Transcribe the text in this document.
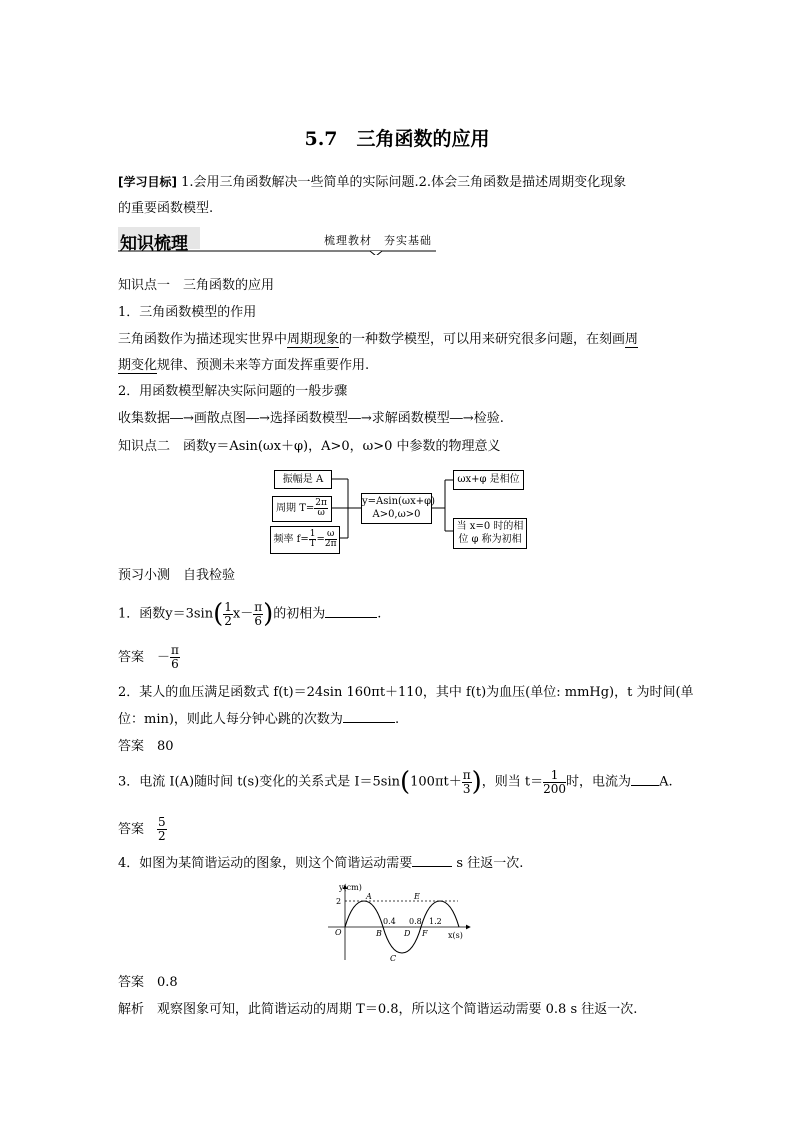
5.7　三角函数的应用
[学习目标] 1.会用三角函数解决一些简单的实际问题.2.体会三角函数是描述周期变化现象
的重要函数模型.
知识梳理	梳理教材　夯实基础
知识点一　三角函数的应用
1．三角函数模型的作用
三角函数作为描述现实世界中周期现象的一种数学模型，可以用来研究很多问题，在刻画周
期变化规律、预测未来等方面发挥重要作用.
2．用函数模型解决实际问题的一般步骤
收集数据―→画散点图―→选择函数模型―→求解函数模型―→检验.
知识点二　函数y＝Asin(ωx＋φ)，A>0，ω>0 中参数的物理意义
振幅是 A
周期 $T= \frac{2\pi}{\omega}$
频率 $f= \frac{1}{T} = \frac{\omega}{2\pi}$
y=Asin(ωx+φ)
A>0,ω>0
ωx+φ 是相位
当 x=0 时的相
位 φ 称为初相
预习小测　自我检验
1．函数$y=3\sin( \frac{1}{2} x- \frac{\pi}{6}$ )的初相为	.
答案　 － $\frac{\pi}{6}$
2．某人的血压满足函数式 f(t)＝24sin 160πt＋110，其中 f(t)为血压(单位: mmHg)，t 为时间(单
位：min)，则此人每分钟心跳的次数为	.
答案　 80
3．电流 I(A)随时间 t(s)变化的关系式是 $I=5\sin(100\pi t+ \frac{\pi}{3}$ )，则当 $t= \frac{1}{200}$ 时，电流为 A.
答案　 $\frac{5}{2}$
4．如图为某简谐运动的图象，则这个简谐运动需要	s 往返一次.
y(cm)
x(s)
O
2
0.4 0.8 1.2
A
B
C
D
E
F
答案　 0.8
解析　 观察图象可知，此简谐运动的周期 T＝0.8，所以这个简谐运动需要 0.8 s 往返一次.
